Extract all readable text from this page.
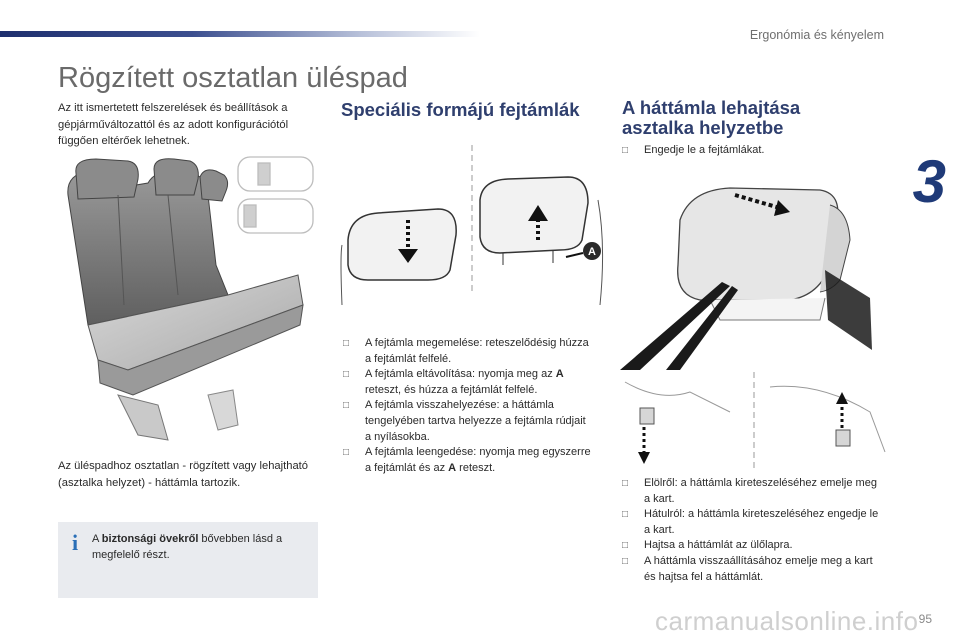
Ergonómia és kényelem
3
Rögzített osztatlan üléspad

Az itt ismertetett felszerelések és beállítások a gépjárműváltozattól és az adott konfigurációtól függően eltérőek lehetnek.

Az üléspadhoz osztatlan - rögzített vagy lehajtható (asztalka helyzet) - háttámla tartozik.

i	A biztonsági övekről bővebben lásd a megfelelő részt.
Speciális formájú fejtámlák
A
□	A fejtámla megemelése: reteszelődésig húzza a fejtámlát felfelé.
□	A fejtámla eltávolítása: nyomja meg az A reteszt, és húzza a fejtámlát felfelé.
□	A fejtámla visszahelyezése: a háttámla tengelyében tartva helyezze a fejtámla rúdjait a nyílásokba.
□	A fejtámla leengedése: nyomja meg egyszerre a fejtámlát és az A reteszt.
A háttámla lehajtása asztalka helyzetbe
□	Engedje le a fejtámlákat.
□	Elölről: a háttámla kireteszeléséhez emelje meg a kart.
□	Hátulról: a háttámla kireteszeléséhez engedje le a kart.
□	Hajtsa a háttámlát az ülőlapra.
□	A háttámla visszaállításához emelje meg a kart és hajtsa fel a háttámlát.
carmanualsonline.info 95
